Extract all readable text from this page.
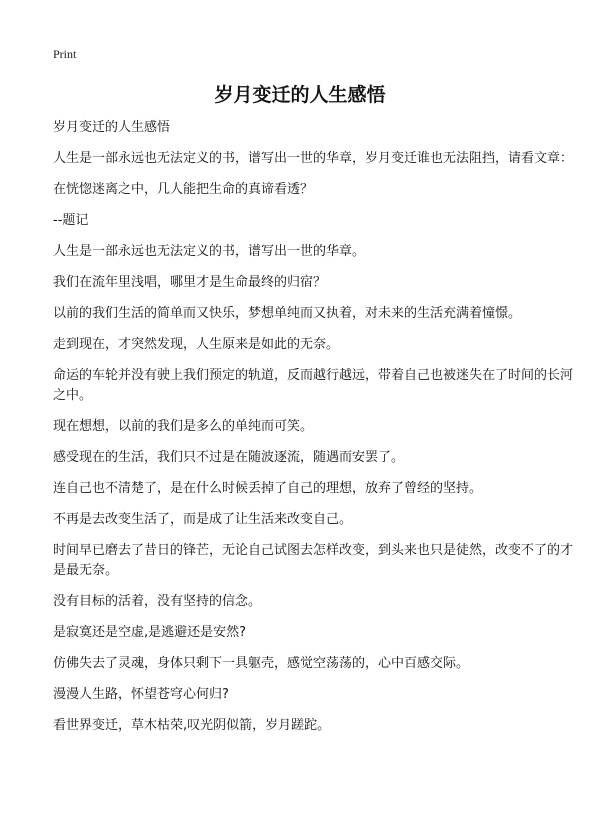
Print
岁月变迁的人生感悟

岁月变迁的人生感悟

人生是一部永远也无法定义的书，谱写出一世的华章，岁月变迁谁也无法阻挡，请看文章：

在恍惚迷离之中，几人能把生命的真谛看透？

--题记

人生是一部永远也无法定义的书，谱写出一世的华章。

我们在流年里浅唱，哪里才是生命最终的归宿？

以前的我们生活的简单而又快乐，梦想单纯而又执着，对未来的生活充满着憧憬。

走到现在，才突然发现，人生原来是如此的无奈。

命运的车轮并没有驶上我们预定的轨道，反而越行越远，带着自己也被迷失在了时间的长河之中。

现在想想，以前的我们是多么的单纯而可笑。

感受现在的生活，我们只不过是在随波逐流，随遇而安罢了。

连自己也不清楚了，是在什么时候丢掉了自己的理想，放弃了曾经的坚持。

不再是去改变生活了，而是成了让生活来改变自己。

时间早已磨去了昔日的锋芒，无论自己试图去怎样改变，到头来也只是徒然，改变不了的才是最无奈。

没有目标的活着，没有坚持的信念。

是寂寞还是空虚,是逃避还是安然?

仿佛失去了灵魂，身体只剩下一具躯壳，感觉空荡荡的，心中百感交际。

漫漫人生路，怀望苍穹心何归?

看世界变迁，草木枯荣,叹光阴似箭，岁月蹉跎。
